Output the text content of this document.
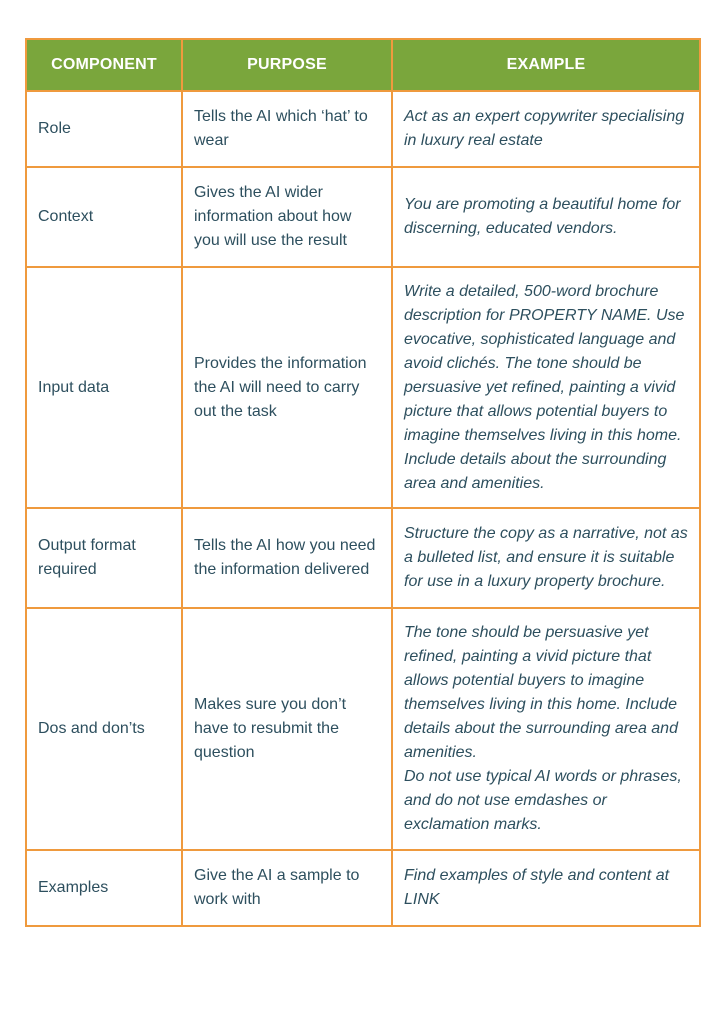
COMPONENT	PURPOSE	EXAMPLE
Role	Tells the AI which ‘hat’ to wear	Act as an expert copywriter specialising in luxury real estate
Context	Gives the AI wider information about how you will use the result	You are promoting a beautiful home for discerning, educated vendors.
Input data	Provides the information the AI will need to carry out the task	Write a detailed, 500-word brochure description for PROPERTY NAME. Use evocative, sophisticated language and avoid clichés. The tone should be persuasive yet refined, painting a vivid picture that allows potential buyers to imagine themselves living in this home. Include details about the surrounding area and amenities.
Output format required	Tells the AI how you need the information delivered	Structure the copy as a narrative, not as a bulleted list, and ensure it is suitable for use in a luxury property brochure.
Dos and don’ts	Makes sure you don’t have to resubmit the question	The tone should be persuasive yet refined, painting a vivid picture that allows potential buyers to imagine themselves living in this home. Include details about the surrounding area and amenities.
Do not use typical AI words or phrases, and do not use emdashes or exclamation marks.
Examples	Give the AI a sample to work with	Find examples of style and content at LINK
